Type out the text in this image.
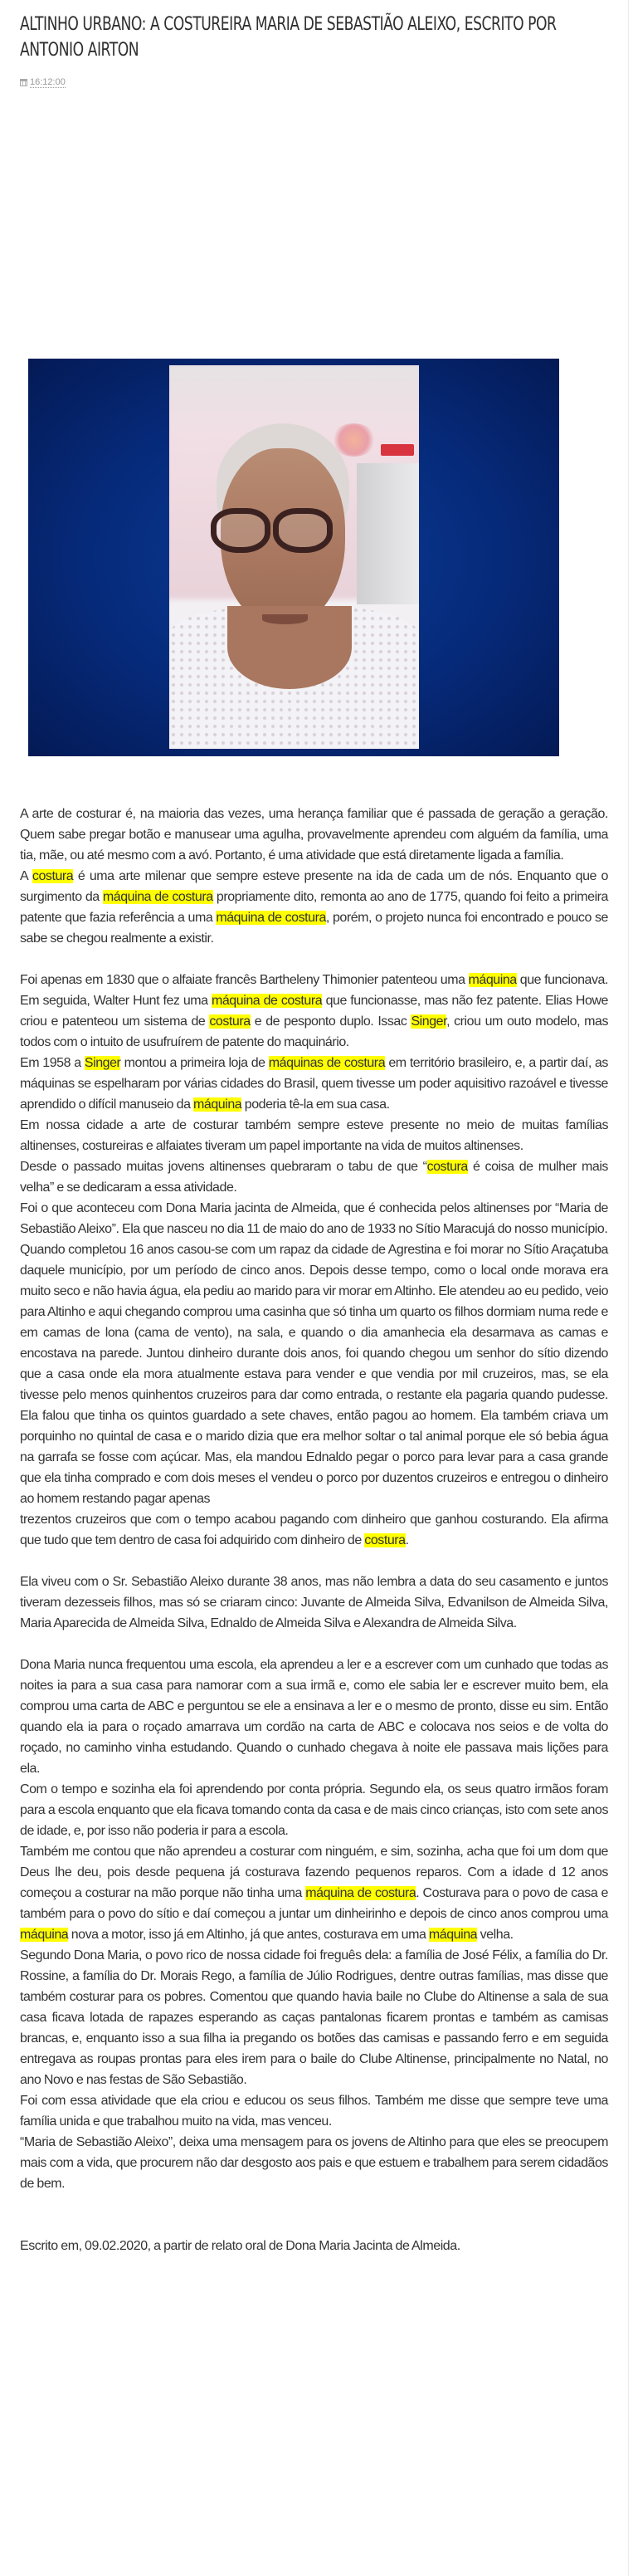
ALTINHO URBANO: A COSTUREIRA MARIA DE SEBASTIÃO ALEIXO, ESCRITO POR ANTONIO AIRTON
16:12:00

A arte de costurar é, na maioria das vezes, uma herança familiar que é passada de geração a geração. Quem sabe pregar botão e manusear uma agulha, provavelmente aprendeu com alguém da família, uma tia, mãe, ou até mesmo com a avó. Portanto, é uma atividade que está diretamente ligada a família.
A costura é uma arte milenar que sempre esteve presente na ida de cada um de nós. Enquanto que o surgimento da máquina de costura propriamente dito, remonta ao ano de 1775, quando foi feito a primeira patente que fazia referência a uma máquina de costura, porém, o projeto nunca foi encontrado e pouco se sabe se chegou realmente a existir.

Foi apenas em 1830 que o alfaiate francês Bartheleny Thimonier patenteou uma máquina que funcionava. Em seguida, Walter Hunt fez uma máquina de costura que funcionasse, mas não fez patente. Elias Howe criou e patenteou um sistema de costura e de pesponto duplo. Issac Singer, criou um outo modelo, mas todos com o intuito de usufruírem de patente do maquinário.
Em 1958 a Singer montou a primeira loja de máquinas de costura em território brasileiro, e, a partir daí, as máquinas se espelharam por várias cidades do Brasil, quem tivesse um poder aquisitivo razoável e tivesse aprendido o difícil manuseio da máquina poderia tê-la em sua casa.
Em nossa cidade a arte de costurar também sempre esteve presente no meio de muitas famílias altinenses, costureiras e alfaiates tiveram um papel importante na vida de muitos altinenses.
Desde o passado muitas jovens altinenses quebraram o tabu de que “costura é coisa de mulher mais velha” e se dedicaram a essa atividade.
Foi o que aconteceu com Dona Maria jacinta de Almeida, que é conhecida pelos altinenses por “Maria de Sebastião Aleixo”. Ela que nasceu no dia 11 de maio do ano de 1933 no Sítio Maracujá do nosso município.
Quando completou 16 anos casou-se com um rapaz da cidade de Agrestina e foi morar no Sítio Araçatuba daquele município, por um período de cinco anos. Depois desse tempo, como o local onde morava era muito seco e não havia água, ela pediu ao marido para vir morar em Altinho. Ele atendeu ao eu pedido, veio para Altinho e aqui chegando comprou uma casinha que só tinha um quarto os filhos dormiam numa rede e em camas de lona (cama de vento), na sala, e quando o dia amanhecia ela desarmava as camas e encostava na parede. Juntou dinheiro durante dois anos, foi quando chegou um senhor do sítio dizendo que a casa onde ela mora atualmente estava para vender e que vendia por mil cruzeiros, mas, se ela tivesse pelo menos quinhentos cruzeiros para dar como entrada, o restante ela pagaria quando pudesse. Ela falou que tinha os quintos guardado a sete chaves, então pagou ao homem. Ela também criava um porquinho no quintal de casa e o marido dizia que era melhor soltar o tal animal porque ele só bebia água na garrafa se fosse com açúcar. Mas, ela mandou Ednaldo pegar o porco para levar para a casa grande que ela tinha comprado e com dois meses el vendeu o porco por duzentos cruzeiros e entregou o dinheiro ao homem restando pagar apenas
trezentos cruzeiros que com o tempo acabou pagando com dinheiro que ganhou costurando. Ela afirma que tudo que tem dentro de casa foi adquirido com dinheiro de costura.

Ela viveu com o Sr. Sebastião Aleixo durante 38 anos, mas não lembra a data do seu casamento e juntos tiveram dezesseis filhos, mas só se criaram cinco: Juvante de Almeida Silva, Edvanilson de Almeida Silva, Maria Aparecida de Almeida Silva, Ednaldo de Almeida Silva e Alexandra de Almeida Silva.

Dona Maria nunca frequentou uma escola, ela aprendeu a ler e a escrever com um cunhado que todas as noites ia para a sua casa para namorar com a sua irmã e, como ele sabia ler e escrever muito bem, ela comprou uma carta de ABC e perguntou se ele a ensinava a ler e o mesmo de pronto, disse eu sim. Então quando ela ia para o roçado amarrava um cordão na carta de ABC e colocava nos seios e de volta do roçado, no caminho vinha estudando. Quando o cunhado chegava à noite ele passava mais lições para ela.
Com o tempo e sozinha ela foi aprendendo por conta própria. Segundo ela, os seus quatro irmãos foram para a escola enquanto que ela ficava tomando conta da casa e de mais cinco crianças, isto com sete anos de idade, e, por isso não poderia ir para a escola.
Também me contou que não aprendeu a costurar com ninguém, e sim, sozinha, acha que foi um dom que Deus lhe deu, pois desde pequena já costurava fazendo pequenos reparos. Com a idade d 12 anos começou a costurar na mão porque não tinha uma máquina de costura. Costurava para o povo de casa e também para o povo do sítio e daí começou a juntar um dinheirinho e depois de cinco anos comprou uma máquina nova a motor, isso já em Altinho, já que antes, costurava em uma máquina velha.
Segundo Dona Maria, o povo rico de nossa cidade foi freguês dela: a família de José Félix, a família do Dr. Rossine, a família do Dr. Morais Rego, a família de Júlio Rodrigues, dentre outras famílias, mas disse que também costurar para os pobres. Comentou que quando havia baile no Clube do Altinense a sala de sua casa ficava lotada de rapazes esperando as caças pantalonas ficarem prontas e também as camisas brancas, e, enquanto isso a sua filha ia pregando os botões das camisas e passando ferro e em seguida entregava as roupas prontas para eles irem para o baile do Clube Altinense, principalmente no Natal, no ano Novo e nas festas de São Sebastião.
Foi com essa atividade que ela criou e educou os seus filhos. Também me disse que sempre teve uma família unida e que trabalhou muito na vida, mas venceu.
“Maria de Sebastião Aleixo”, deixa uma mensagem para os jovens de Altinho para que eles se preocupem mais com a vida, que procurem não dar desgosto aos pais e que estuem e trabalhem para serem cidadãos de bem.

Escrito em, 09.02.2020, a partir de relato oral de Dona Maria Jacinta de Almeida.
